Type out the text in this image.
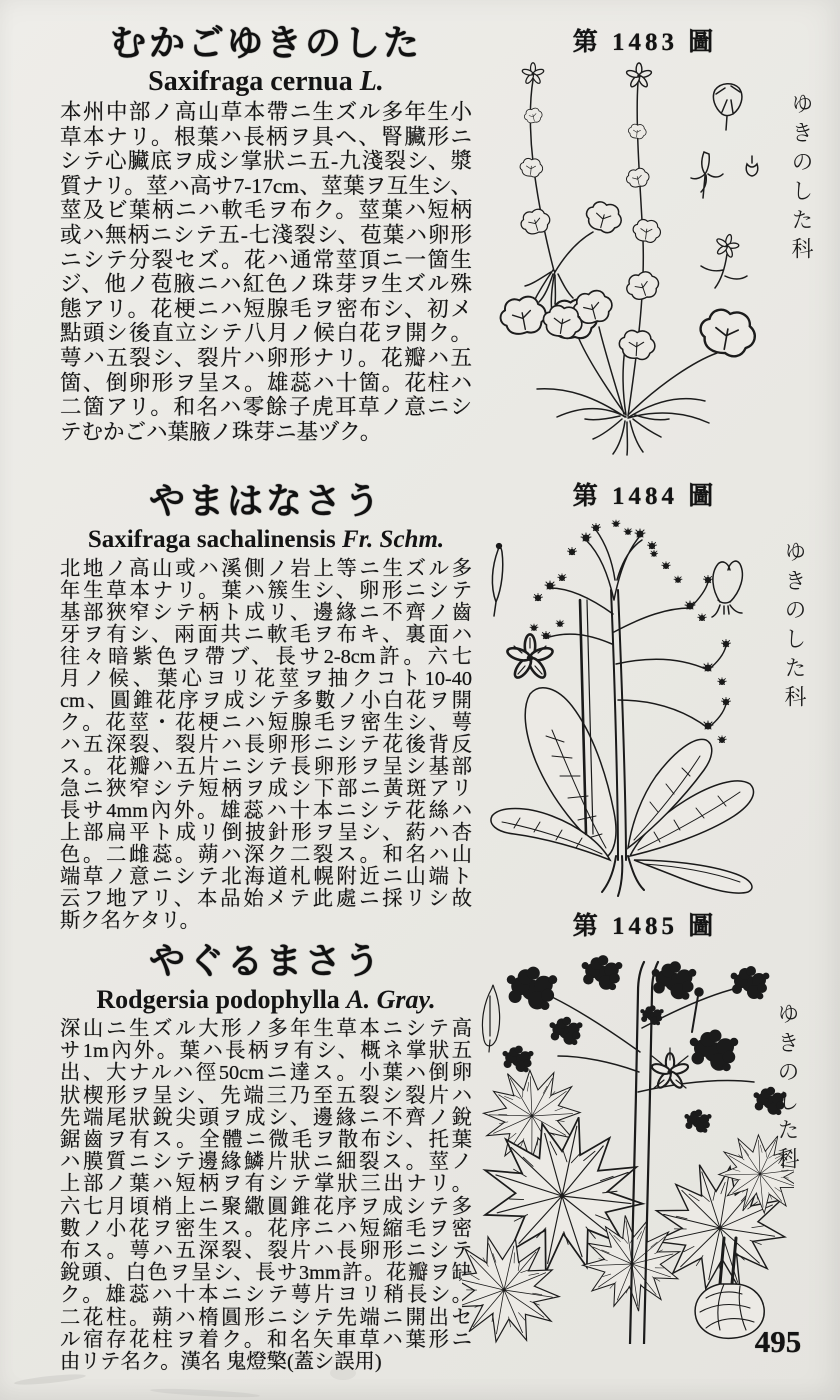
むかごゆきのした
Saxifraga cernua L.
本州中部ノ高山草本帶ニ生ズル多年生小
草本ナリ。根葉ハ長柄ヲ具ヘ、腎臟形ニ
シテ心臟底ヲ成シ掌狀ニ五-九淺裂シ、漿
質ナリ。莖ハ高サ7-17cm、莖葉ヲ互生シ、
莖及ビ葉柄ニハ軟毛ヲ布ク。莖葉ハ短柄
或ハ無柄ニシテ五-七淺裂シ、苞葉ハ卵形
ニシテ分裂セズ。花ハ通常莖頂ニ一箇生
ジ、他ノ苞腋ニハ紅色ノ珠芽ヲ生ズル殊
態アリ。花梗ニハ短腺毛ヲ密布シ、初メ
點頭シ後直立シテ八月ノ候白花ヲ開ク。
萼ハ五裂シ、裂片ハ卵形ナリ。花瓣ハ五
箇、倒卵形ヲ呈ス。雄蕊ハ十箇。花柱ハ
二箇アリ。和名ハ零餘子虎耳草ノ意ニシ
テむかごハ葉腋ノ珠芽ニ基ヅク。
やまはなさう
Saxifraga sachalinensis Fr. Schm.
北地ノ高山或ハ溪側ノ岩上等ニ生ズル多
年生草本ナリ。葉ハ簇生シ、卵形ニシテ
基部狹窄シテ柄ト成リ、邊緣ニ不齊ノ齒
牙ヲ有シ、兩面共ニ軟毛ヲ布キ、裏面ハ
往々暗紫色ヲ帶ブ、長サ2-8cm許。六七
月ノ候、葉心ヨリ花莖ヲ抽クコト10-40
cm、圓錐花序ヲ成シテ多數ノ小白花ヲ開
ク。花莖・花梗ニハ短腺毛ヲ密生シ、萼
ハ五深裂、裂片ハ長卵形ニシテ花後背反
ス。花瓣ハ五片ニシテ長卵形ヲ呈シ基部
急ニ狹窄シテ短柄ヲ成シ下部ニ黃斑アリ
長サ4mm內外。雄蕊ハ十本ニシテ花絲ハ
上部扁平ト成リ倒披針形ヲ呈シ、葯ハ杏
色。二雌蕊。蒴ハ深ク二裂ス。和名ハ山
端草ノ意ニシテ北海道札幌附近ニ山端ト
云フ地アリ、本品始メテ此處ニ採リシ故
斯ク名ケタリ。
やぐるまさう
Rodgersia podophylla A. Gray.
深山ニ生ズル大形ノ多年生草本ニシテ高
サ1m內外。葉ハ長柄ヲ有シ、概ネ掌狀五
出、大ナルハ徑50cmニ達ス。小葉ハ倒卵
狀楔形ヲ呈シ、先端三乃至五裂シ裂片ハ
先端尾狀銳尖頭ヲ成シ、邊緣ニ不齊ノ銳
鋸齒ヲ有ス。全體ニ微毛ヲ散布シ、托葉
ハ膜質ニシテ邊緣鱗片狀ニ細裂ス。莖ノ
上部ノ葉ハ短柄ヲ有シテ掌狀三出ナリ。
六七月頃梢上ニ聚繖圓錐花序ヲ成シテ多
數ノ小花ヲ密生ス。花序ニハ短縮毛ヲ密
布ス。萼ハ五深裂、裂片ハ長卵形ニシテ
銳頭、白色ヲ呈シ、長サ3mm許。花瓣ヲ缺
ク。雄蕊ハ十本ニシテ萼片ヨリ稍長シ。
二花柱。蒴ハ楕圓形ニシテ先端ニ開出セ
ル宿存花柱ヲ着ク。和名矢車草ハ葉形ニ
由リテ名ク。漢名 鬼燈檠(蓋シ誤用)
第 1483 圖
ゆきのした科
第 1484 圖
ゆきのした科
第 1485 圖
ゆきのした科
495
